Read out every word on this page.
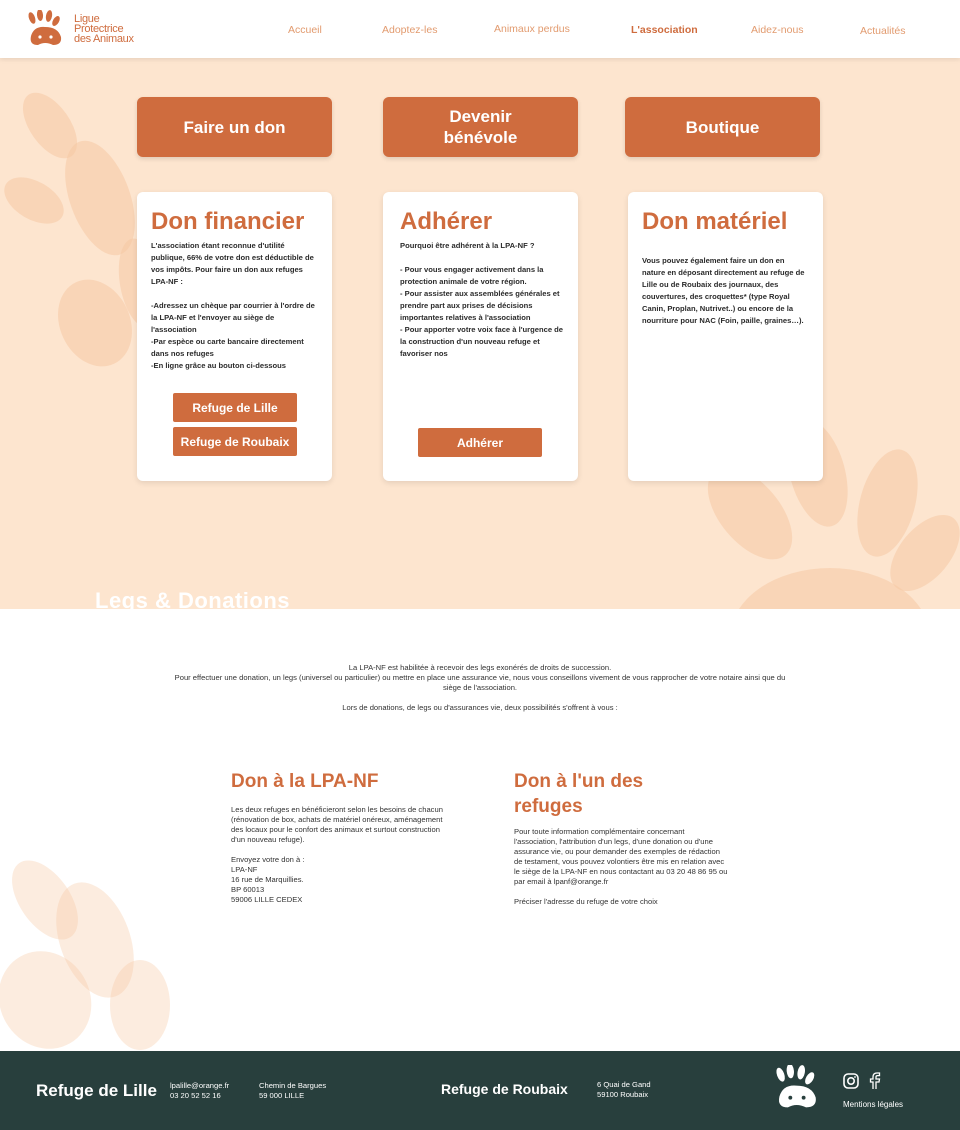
Ligue
Protectrice
des Animaux
Accueil	Adoptez-les	Animaux perdus	L'association	Aidez-nous	Actualités
Faire un don
Devenir bénévole
Boutique
Don financier
L'association étant reconnue d'utilité publique, 66% de votre don est déductible de vos impôts. Pour faire un don aux refuges LPA-NF :

-Adressez un chèque par courrier à l'ordre de la LPA-NF et l'envoyer au siège de l'association
-Par espèce ou carte bancaire directement dans nos refuges
-En ligne grâce au bouton ci-dessous
Refuge de Lille
Refuge de Roubaix
Adhérer
Pourquoi être adhérent à la LPA-NF ?

- Pour vous engager activement dans la protection animale de votre région.
- Pour assister aux assemblées générales et prendre part aux prises de décisions importantes relatives à l'association
- Pour apporter votre voix face à l'urgence de la construction d'un nouveau refuge et favoriser nos
Adhérer
Don matériel
Vous pouvez également faire un don en nature en déposant directement au refuge de Lille ou de Roubaix des journaux, des couvertures, des croquettes* (type Royal Canin, Proplan, Nutrivet..) ou encore de la nourriture pour NAC (Foin, paille, graines…).
Legs & Donations
La LPA-NF est habilitée à recevoir des legs exonérés de droits de succession.
Pour effectuer une donation, un legs (universel ou particulier) ou mettre en place une assurance vie, nous vous conseillons vivement de vous rapprocher de votre notaire ainsi que du siège de l'association.
Lors de donations, de legs ou d'assurances vie, deux possibilités s'offrent à vous :
Don à la LPA-NF
Les deux refuges en bénéficieront selon les besoins de chacun (rénovation de box, achats de matériel onéreux, aménagement des locaux pour le confort des animaux et surtout construction d'un nouveau refuge).

Envoyez votre don à :
LPA-NF
16 rue de Marquillies.
BP 60013
59006 LILLE CEDEX
Don à l'un des refuges
Pour toute information complémentaire concernant l'association, l'attribution d'un legs, d'une donation ou d'une assurance vie, ou pour demander des exemples de rédaction de testament, vous pouvez volontiers être mis en relation avec le siège de la LPA-NF en nous contactant au 03 20 48 86 95 ou par email à lpanf@orange.fr

Préciser l'adresse du refuge de votre choix
Refuge de Lille lpalille@orange.fr
03 20 52 52 16
Chemin de Bargues
59 000 LILLE	Refuge de Roubaix	6 Quai de Gand
59100 Roubaix
Mentions légales
